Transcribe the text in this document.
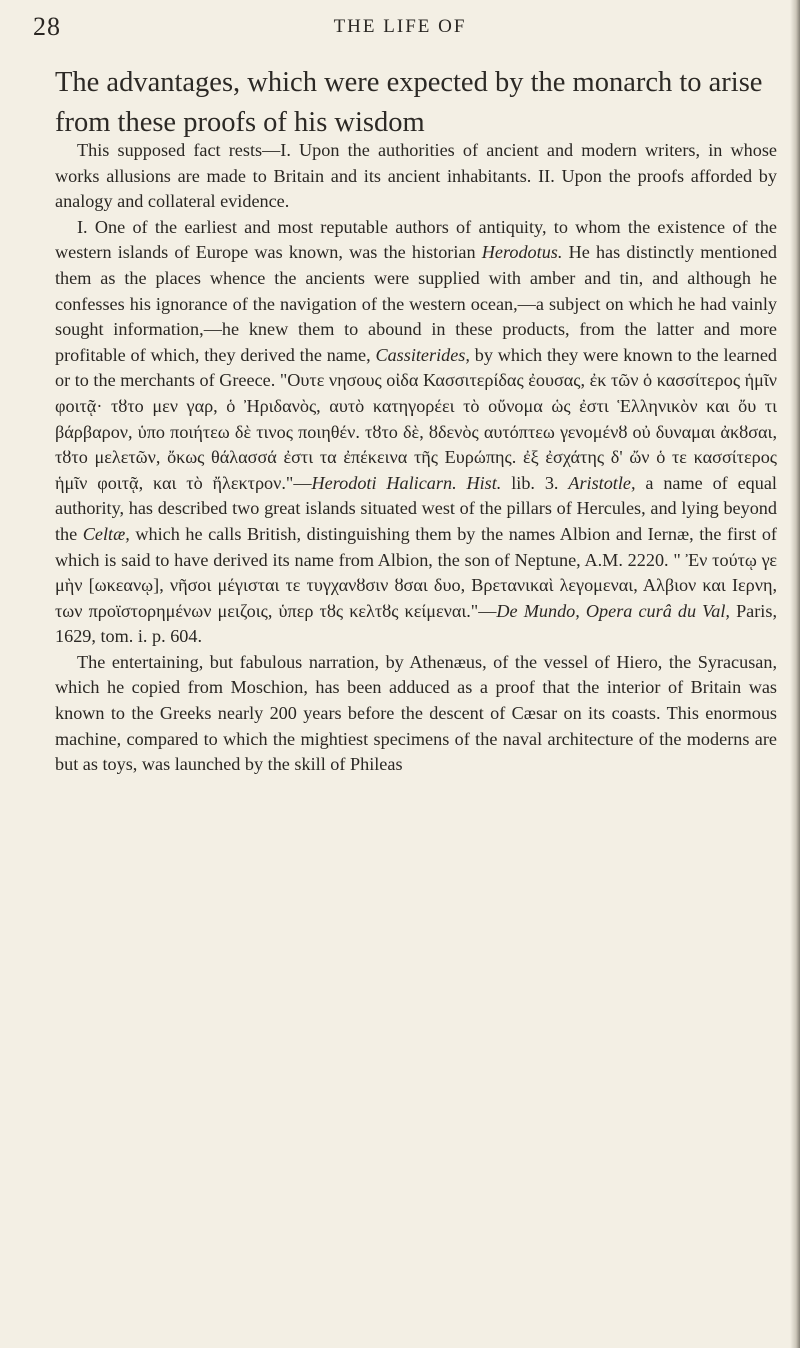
28	THE LIFE OF
The advantages, which were expected by the monarch to arise from these proofs of his wisdom

This supposed fact rests—I. Upon the authorities of ancient and modern writers, in whose works allusions are made to Britain and its ancient inhabitants. II. Upon the proofs afforded by analogy and collateral evidence.

I. One of the earliest and most reputable authors of antiquity, to whom the existence of the western islands of Europe was known, was the historian Herodotus. He has distinctly mentioned them as the places whence the ancients were supplied with amber and tin, and although he confesses his ignorance of the navigation of the western ocean,—a subject on which he had vainly sought information,—he knew them to abound in these products, from the latter and more profitable of which, they derived the name, Cassiterides, by which they were known to the learned or to the merchants of Greece. "Ουτε νησους οἰδα Κασσιτερίδας ἐουσας, ἐκ τῶν ὁ κασσίτερος ἡμῖν φοιτᾷ· τȣτο μεν γαρ, ὁ Ἠριδανὸς, αυτὸ κατηγορέει τὸ οὔνομα ὡς ἐστι Ἑλληνικὸν και ὄυ τι βάρβαρον, ὑπο ποιήτεω δὲ τινος ποιηθέν. τȣτο δὲ, ȣδενὸς αυτόπτεω γενομένȣ οὐ δυναμαι ἀκȣσαι, τȣτο μελετῶν, ὄκως θάλασσά ἐστι τα ἐπέκεινα τῆς Ευρώπης. ἐξ ἐσχάτης δ' ὤν ὁ τε κασσίτερος ἡμῖν φοιτᾷ, και τὸ ἤλεκτρον."—Herodoti Halicarn. Hist. lib. 3. Aristotle, a name of equal authority, has described two great islands situated west of the pillars of Hercules, and lying beyond the Celtæ, which he calls British, distinguishing them by the names Albion and Iernæ, the first of which is said to have derived its name from Albion, the son of Neptune, A.M. 2220. " Ἐν τούτῳ γε μὴν [ωκεανῳ], νῆσοι μέγισται τε τυγχανȣσιν ȣσαι δυο, Βρετανικαὶ λεγομεναι, Αλβιον και Ιερνη, των προϊστορημένων μειζοις, ὑπερ τȣς κελτȣς κείμεναι."—De Mundo, Opera curâ du Val, Paris, 1629, tom. i. p. 604.

The entertaining, but fabulous narration, by Athenæus, of the vessel of Hiero, the Syracusan, which he copied from Moschion, has been adduced as a proof that the interior of Britain was known to the Greeks nearly 200 years before the descent of Cæsar on its coasts. This enormous machine, compared to which the mightiest specimens of the naval architecture of the moderns are but as toys, was launched by the skill of Phileas
